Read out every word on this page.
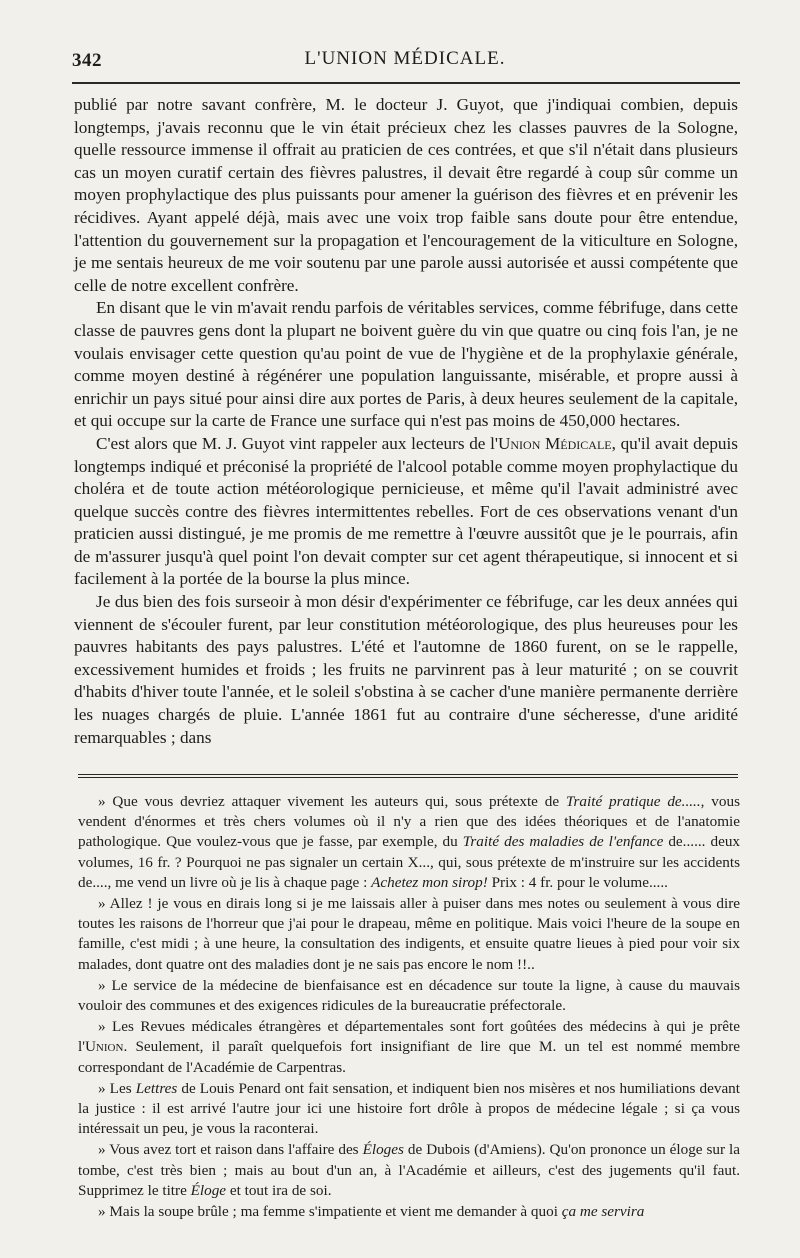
342	L'UNION MÉDICALE.

publié par notre savant confrère, M. le docteur J. Guyot, que j'indiquai combien, depuis longtemps, j'avais reconnu que le vin était précieux chez les classes pauvres de la Sologne, quelle ressource immense il offrait au praticien de ces contrées, et que s'il n'était dans plusieurs cas un moyen curatif certain des fièvres palustres, il devait être regardé à coup sûr comme un moyen prophylactique des plus puissants pour amener la guérison des fièvres et en prévenir les récidives. Ayant appelé déjà, mais avec une voix trop faible sans doute pour être entendue, l'attention du gouvernement sur la propagation et l'encouragement de la viticulture en Sologne, je me sentais heureux de me voir soutenu par une parole aussi autorisée et aussi compétente que celle de notre excellent confrère.

En disant que le vin m'avait rendu parfois de véritables services, comme fébrifuge, dans cette classe de pauvres gens dont la plupart ne boivent guère du vin que quatre ou cinq fois l'an, je ne voulais envisager cette question qu'au point de vue de l'hygiène et de la prophylaxie générale, comme moyen destiné à régénérer une population languissante, misérable, et propre aussi à enrichir un pays situé pour ainsi dire aux portes de Paris, à deux heures seulement de la capitale, et qui occupe sur la carte de France une surface qui n'est pas moins de 450,000 hectares.

C'est alors que M. J. Guyot vint rappeler aux lecteurs de l'Union Médicale, qu'il avait depuis longtemps indiqué et préconisé la propriété de l'alcool potable comme moyen prophylactique du choléra et de toute action météorologique pernicieuse, et même qu'il l'avait administré avec quelque succès contre des fièvres intermittentes rebelles. Fort de ces observations venant d'un praticien aussi distingué, je me promis de me remettre à l'œuvre aussitôt que je le pourrais, afin de m'assurer jusqu'à quel point l'on devait compter sur cet agent thérapeutique, si innocent et si facilement à la portée de la bourse la plus mince.

Je dus bien des fois surseoir à mon désir d'expérimenter ce fébrifuge, car les deux années qui viennent de s'écouler furent, par leur constitution météorologique, des plus heureuses pour les pauvres habitants des pays palustres. L'été et l'automne de 1860 furent, on se le rappelle, excessivement humides et froids ; les fruits ne parvinrent pas à leur maturité ; on se couvrit d'habits d'hiver toute l'année, et le soleil s'obstina à se cacher d'une manière permanente derrière les nuages chargés de pluie. L'année 1861 fut au contraire d'une sécheresse, d'une aridité remarquables ; dans

» Que vous devriez attaquer vivement les auteurs qui, sous prétexte de Traité pratique de....., vous vendent d'énormes et très chers volumes où il n'y a rien que des idées théoriques et de l'anatomie pathologique. Que voulez-vous que je fasse, par exemple, du Traité des maladies de l'enfance de...... deux volumes, 16 fr. ? Pourquoi ne pas signaler un certain X..., qui, sous prétexte de m'instruire sur les accidents de...., me vend un livre où je lis à chaque page : Achetez mon sirop! Prix : 4 fr. pour le volume.....

» Allez ! je vous en dirais long si je me laissais aller à puiser dans mes notes ou seulement à vous dire toutes les raisons de l'horreur que j'ai pour le drapeau, même en politique. Mais voici l'heure de la soupe en famille, c'est midi ; à une heure, la consultation des indigents, et ensuite quatre lieues à pied pour voir six malades, dont quatre ont des maladies dont je ne sais pas encore le nom !!..

» Le service de la médecine de bienfaisance est en décadence sur toute la ligne, à cause du mauvais vouloir des communes et des exigences ridicules de la bureaucratie préfectorale.

» Les Revues médicales étrangères et départementales sont fort goûtées des médecins à qui je prête l'Union. Seulement, il paraît quelquefois fort insignifiant de lire que M. un tel est nommé membre correspondant de l'Académie de Carpentras.

» Les Lettres de Louis Penard ont fait sensation, et indiquent bien nos misères et nos humiliations devant la justice : il est arrivé l'autre jour ici une histoire fort drôle à propos de médecine légale ; si ça vous intéressait un peu, je vous la raconterai.

» Vous avez tort et raison dans l'affaire des Éloges de Dubois (d'Amiens). Qu'on prononce un éloge sur la tombe, c'est très bien ; mais au bout d'un an, à l'Académie et ailleurs, c'est des jugements qu'il faut. Supprimez le titre Éloge et tout ira de soi.

» Mais la soupe brûle ; ma femme s'impatiente et vient me demander à quoi ça me servira
